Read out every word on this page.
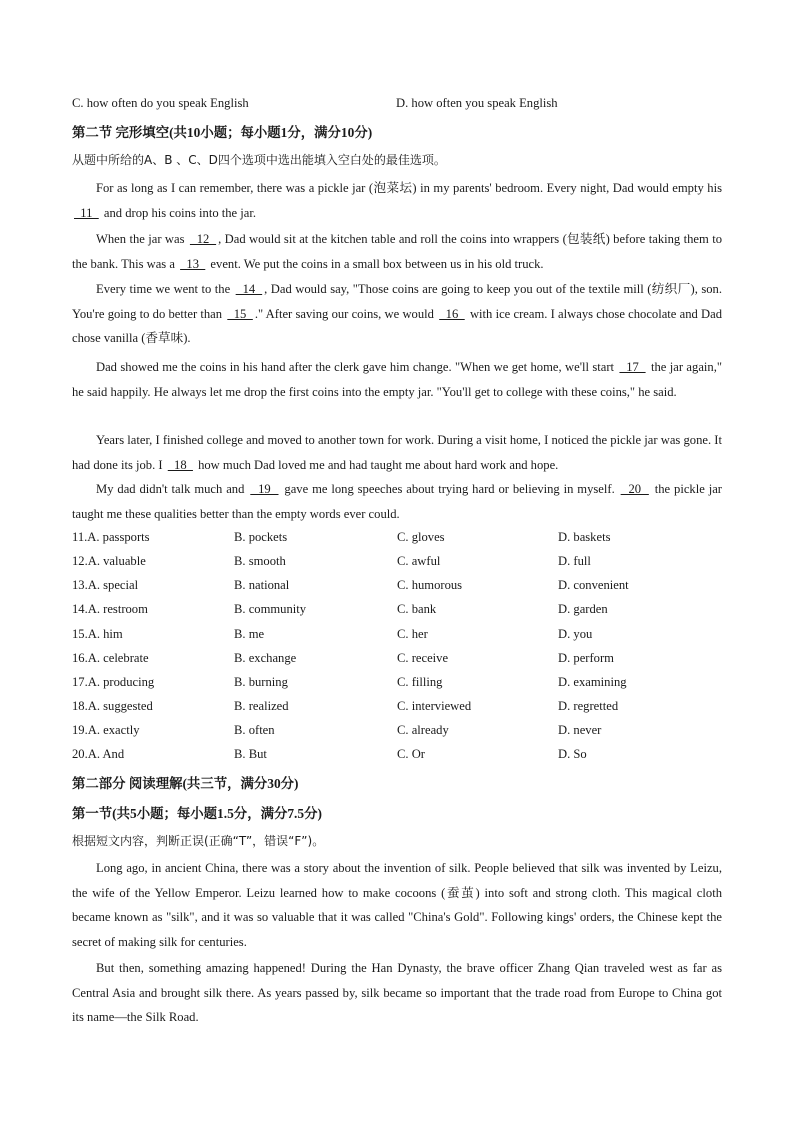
C. how often do you speak English	D. how often you speak English
第二节 完形填空(共10小题；每小题1分，满分10分)
从题中所给的A、B 、C、D四个选项中选出能填入空白处的最佳选项。
For as long as I can remember, there was a pickle jar (泡菜坛) in my parents' bedroom. Every night, Dad would empty his   11   and drop his coins into the jar.
When the jar was   12  , Dad would sit at the kitchen table and roll the coins into wrappers (包装纸) before taking them to the bank. This was a   13   event. We put the coins in a small box between us in his old truck.
Every time we went to the   14  , Dad would say, "Those coins are going to keep you out of the textile mill (纺织厂), son. You're going to do better than   15  ." After saving our coins, we would   16   with ice cream. I always chose chocolate and Dad chose vanilla (香草味).
Dad showed me the coins in his hand after the clerk gave him change. "When we get home, we'll start   17   the jar again," he said happily. He always let me drop the first coins into the empty jar. "You'll get to college with these coins," he said.
Years later, I finished college and moved to another town for work. During a visit home, I noticed the pickle jar was gone. It had done its job. I   18   how much Dad loved me and had taught me about hard work and hope.
My dad didn't talk much and   19   gave me long speeches about trying hard or believing in myself.   20   the pickle jar taught me these qualities better than the empty words ever could.
11.A. passports	B. pockets	C. gloves	D. baskets
12.A. valuable	B. smooth	C. awful	D. full
13.A. special	B. national	C. humorous	D. convenient
14.A. restroom	B. community	C. bank	D. garden
15.A. him	B. me	C. her	D. you
16.A. celebrate	B. exchange	C. receive	D. perform
17.A. producing	B. burning	C. filling	D. examining
18.A. suggested	B. realized	C. interviewed	D. regretted
19.A. exactly	B. often	C. already	D. never
20.A. And	B. But	C. Or	D. So
第二部分 阅读理解(共三节，满分30分)
第一节(共5小题；每小题1.5分，满分7.5分)
根据短文内容，判断正误(正确“T”，错误“F”)。
Long ago, in ancient China, there was a story about the invention of silk. People believed that silk was invented by Leizu, the wife of the Yellow Emperor. Leizu learned how to make cocoons (蚕茧) into soft and strong cloth. This magical cloth became known as "silk", and it was so valuable that it was called "China's Gold". Following kings' orders, the Chinese kept the secret of making silk for centuries.
But then, something amazing happened! During the Han Dynasty, the brave officer Zhang Qian traveled west as far as Central Asia and brought silk there. As years passed by, silk became so important that the trade road from Europe to China got its name—the Silk Road.
